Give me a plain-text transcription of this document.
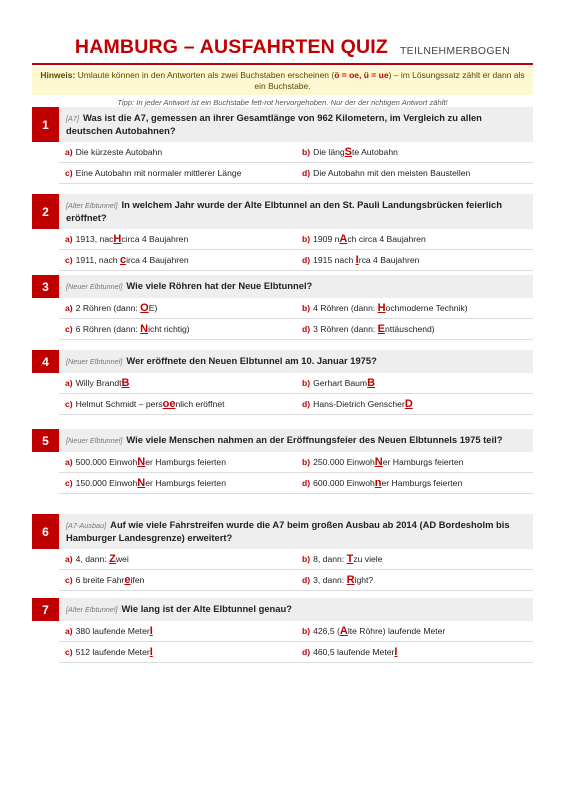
HAMBURG – AUSFAHRTEN QUIZ TEILNEHMERBOGEN
Hinweis: Umlaute können in den Antworten als zwei Buchstaben erscheinen (ö = oe, ü = ue) – im Lösungssatz zählt er dann als ein Buchstabe.
Tipp: In jeder Antwort ist ein Buchstabe fett-rot hervorgehoben. Nur der der richtigen Antwort zählt!
1	[A7] Was ist die A7, gemessen an ihrer Gesamtlänge von 962 Kilometern, im Vergleich zu allen deutschen Autobahnen?
a) Die kürzeste Autobahn	b) Die längSte Autobahn
c) Eine Autobahn mit normaler mittlerer Länge	d) Die Autobahn mit den meisten Baustellen
2	[Alter Elbtunnel] In welchem Jahr wurde der Alte Elbtunnel an den St. Pauli Landungsbrücken feierlich eröffnet?
a) 1913, nacHcirca 4 Baujahren	b) 1909 nAch circa 4 Baujahren
c) 1911, nach circa 4 Baujahren	d) 1915 nach Irca 4 Baujahren
3	[Neuer Elbtunnel] Wie viele Röhren hat der Neue Elbtunnel?
a) 2 Röhren (dann: OE)	b) 4 Röhren (dann: Hochmoderne Technik)
c) 6 Röhren (dann: Nicht richtig)	d) 3 Röhren (dann: Enttäuschend)
4	[Neuer Elbtunnel] Wer eröffnete den Neuen Elbtunnel am 10. Januar 1975?
a) Willy BrandtB	b) Gerhart BaumB
c) Helmut Schmidt – persoenlich eröffnet	d) Hans-Dietrich GenscherD
5	[Neuer Elbtunnel] Wie viele Menschen nahmen an der Eröffnungsfeier des Neuen Elbtunnels 1975 teil?
a) 500.000 EinwohNer Hamburgs feierten	b) 250.000 EinwohNer Hamburgs feierten
c) 150.000 EinwohNer Hamburgs feierten	d) 600.000 Einwohner Hamburgs feierten
6	[A7-Ausbau] Auf wie viele Fahrstreifen wurde die A7 beim großen Ausbau ab 2014 (AD Bordesholm bis Hamburger Landesgrenze) erweitert?
a) 4, dann: Zwei	b) 8, dann: Tzu viele
c) 6 breite Fahreifen	d) 3, dann: Right?
7	[Alter Elbtunnel] Wie lang ist der Alte Elbtunnel genau?
a) 380 laufende MeterI	b) 426,5 (Alte Röhre) laufende Meter
c) 512 laufende MeterI	d) 460,5 laufende MeterI
